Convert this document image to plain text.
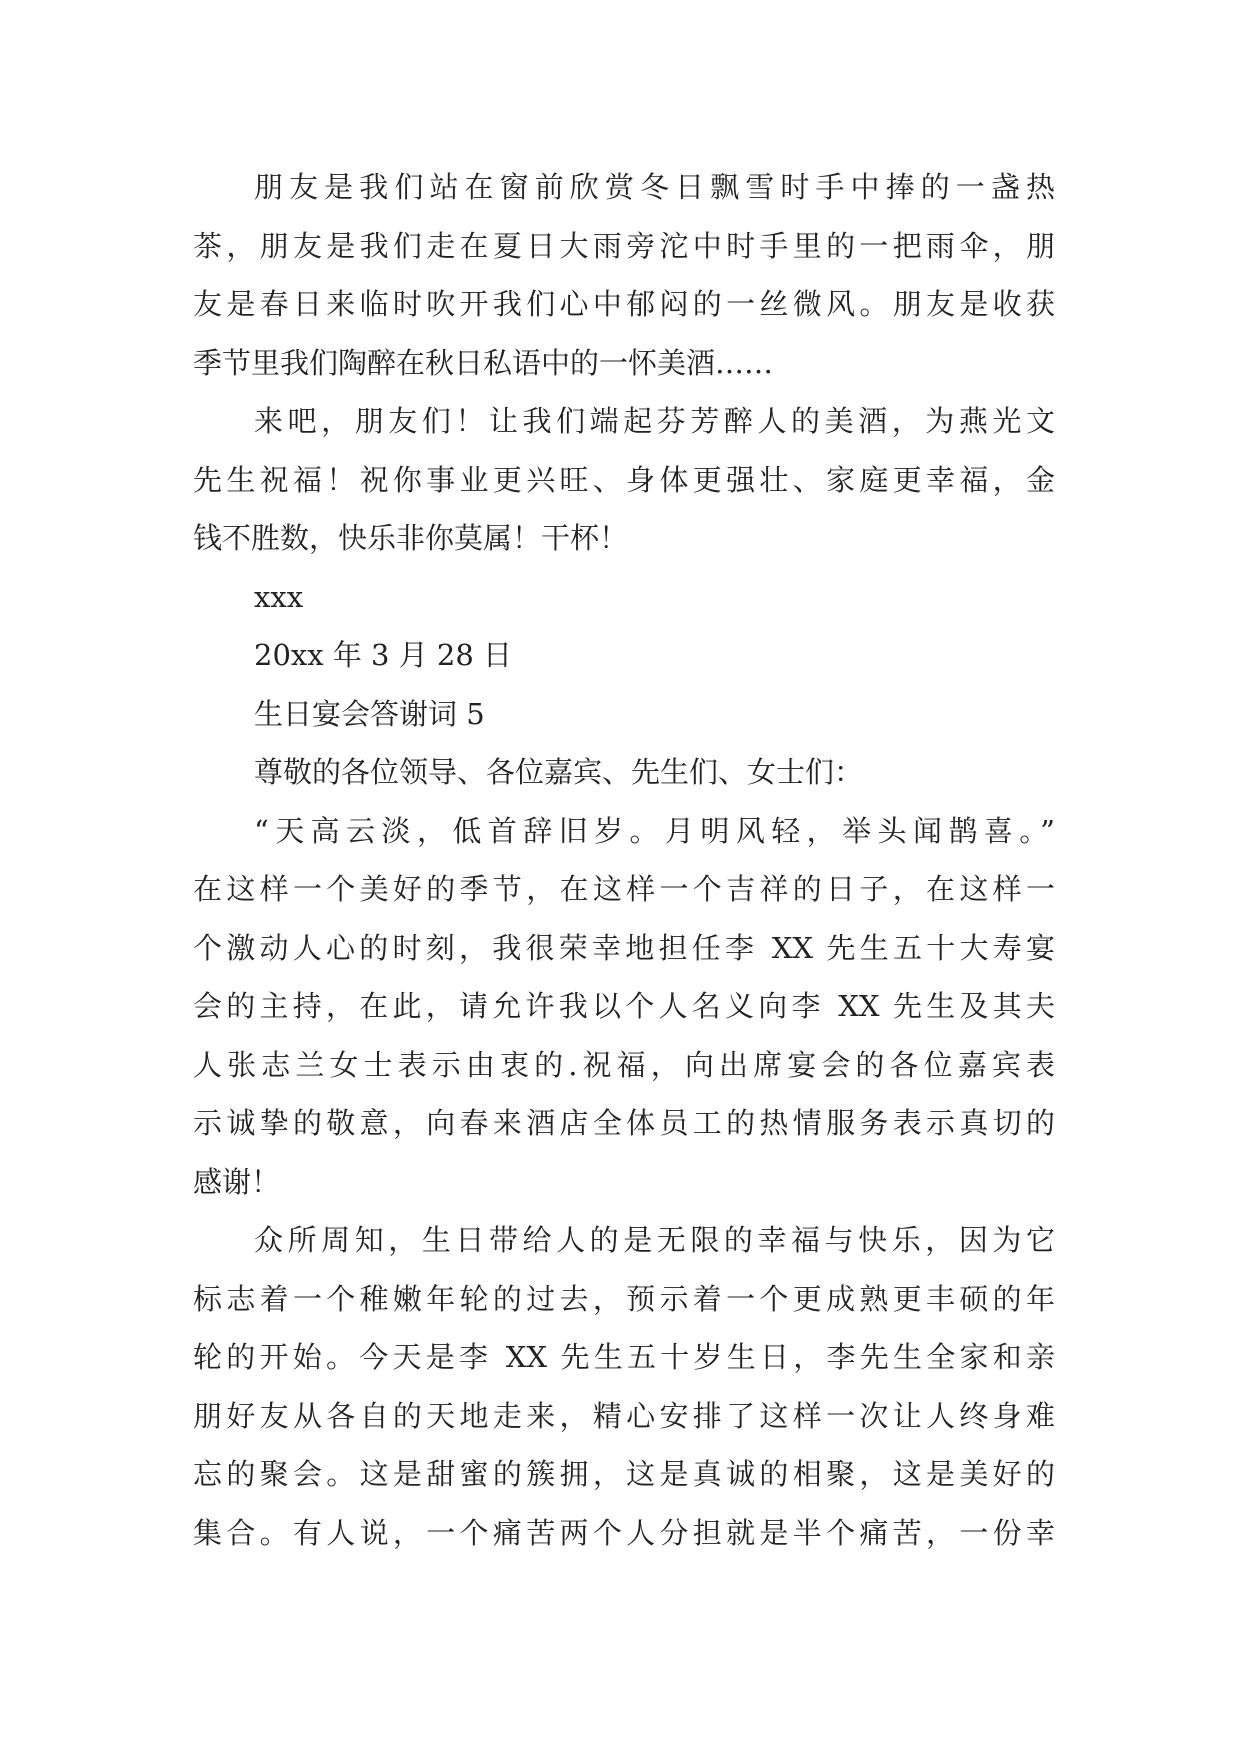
朋友是我们站在窗前欣赏冬日飘雪时手中捧的一盏热
茶，朋友是我们走在夏日大雨旁沱中时手里的一把雨伞，朋
友是春日来临时吹开我们心中郁闷的一丝微风。朋友是收获
季节里我们陶醉在秋日私语中的一怀美酒……
来吧，朋友们！让我们端起芬芳醉人的美酒，为燕光文
先生祝福！祝你事业更兴旺、身体更强壮、家庭更幸福，金
钱不胜数，快乐非你莫属！干杯！
xxx
20xx 年 3 月 28 日
生日宴会答谢词 5
尊敬的各位领导、各位嘉宾、先生们、女士们：
“天高云淡，低首辞旧岁。月明风轻，举头闻鹊喜。”
在这样一个美好的季节，在这样一个吉祥的日子，在这样一
个激动人心的时刻，我很荣幸地担任李 XX 先生五十大寿宴
会的主持，在此，请允许我以个人名义向李 XX 先生及其夫
人张志兰女士表示由衷的.祝福，向出席宴会的各位嘉宾表
示诚挚的敬意，向春来酒店全体员工的热情服务表示真切的
感谢！
众所周知，生日带给人的是无限的幸福与快乐，因为它
标志着一个稚嫩年轮的过去，预示着一个更成熟更丰硕的年
轮的开始。今天是李 XX 先生五十岁生日，李先生全家和亲
朋好友从各自的天地走来，精心安排了这样一次让人终身难
忘的聚会。这是甜蜜的簇拥，这是真诚的相聚，这是美好的
集合。有人说，一个痛苦两个人分担就是半个痛苦，一份幸
